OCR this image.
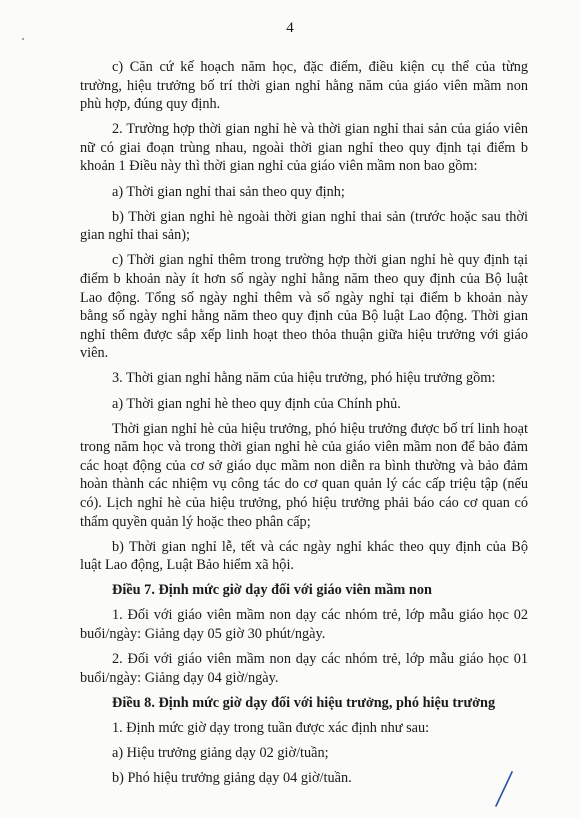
4

c) Căn cứ kế hoạch năm học, đặc điểm, điều kiện cụ thể của từng trường, hiệu trưởng bố trí thời gian nghỉ hằng năm của giáo viên mầm non phù hợp, đúng quy định.

2. Trường hợp thời gian nghỉ hè và thời gian nghỉ thai sản của giáo viên nữ có giai đoạn trùng nhau, ngoài thời gian nghỉ theo quy định tại điểm b khoản 1 Điều này thì thời gian nghỉ của giáo viên mầm non bao gồm:

a) Thời gian nghỉ thai sản theo quy định;

b) Thời gian nghỉ hè ngoài thời gian nghỉ thai sản (trước hoặc sau thời gian nghỉ thai sản);

c) Thời gian nghỉ thêm trong trường hợp thời gian nghỉ hè quy định tại điểm b khoản này ít hơn số ngày nghỉ hằng năm theo quy định của Bộ luật Lao động. Tổng số ngày nghỉ thêm và số ngày nghỉ tại điểm b khoản này bằng số ngày nghỉ hằng năm theo quy định của Bộ luật Lao động. Thời gian nghỉ thêm được sắp xếp linh hoạt theo thỏa thuận giữa hiệu trưởng với giáo viên.

3. Thời gian nghỉ hằng năm của hiệu trưởng, phó hiệu trưởng gồm:

a) Thời gian nghỉ hè theo quy định của Chính phủ.

Thời gian nghỉ hè của hiệu trưởng, phó hiệu trưởng được bố trí linh hoạt trong năm học và trong thời gian nghỉ hè của giáo viên mầm non để bảo đảm các hoạt động của cơ sở giáo dục mầm non diễn ra bình thường và bảo đảm hoàn thành các nhiệm vụ công tác do cơ quan quản lý các cấp triệu tập (nếu có). Lịch nghỉ hè của hiệu trưởng, phó hiệu trưởng phải báo cáo cơ quan có thẩm quyền quản lý hoặc theo phân cấp;

b) Thời gian nghỉ lễ, tết và các ngày nghỉ khác theo quy định của Bộ luật Lao động, Luật Bảo hiểm xã hội.

Điều 7. Định mức giờ dạy đối với giáo viên mầm non

1. Đối với giáo viên mầm non dạy các nhóm trẻ, lớp mẫu giáo học 02 buổi/ngày: Giảng dạy 05 giờ 30 phút/ngày.

2. Đối với giáo viên mầm non dạy các nhóm trẻ, lớp mẫu giáo học 01 buổi/ngày: Giảng dạy 04 giờ/ngày.

Điều 8. Định mức giờ dạy đối với hiệu trưởng, phó hiệu trưởng

1. Định mức giờ dạy trong tuần được xác định như sau:

a) Hiệu trưởng giảng dạy 02 giờ/tuần;

b) Phó hiệu trưởng giảng dạy 04 giờ/tuần.
